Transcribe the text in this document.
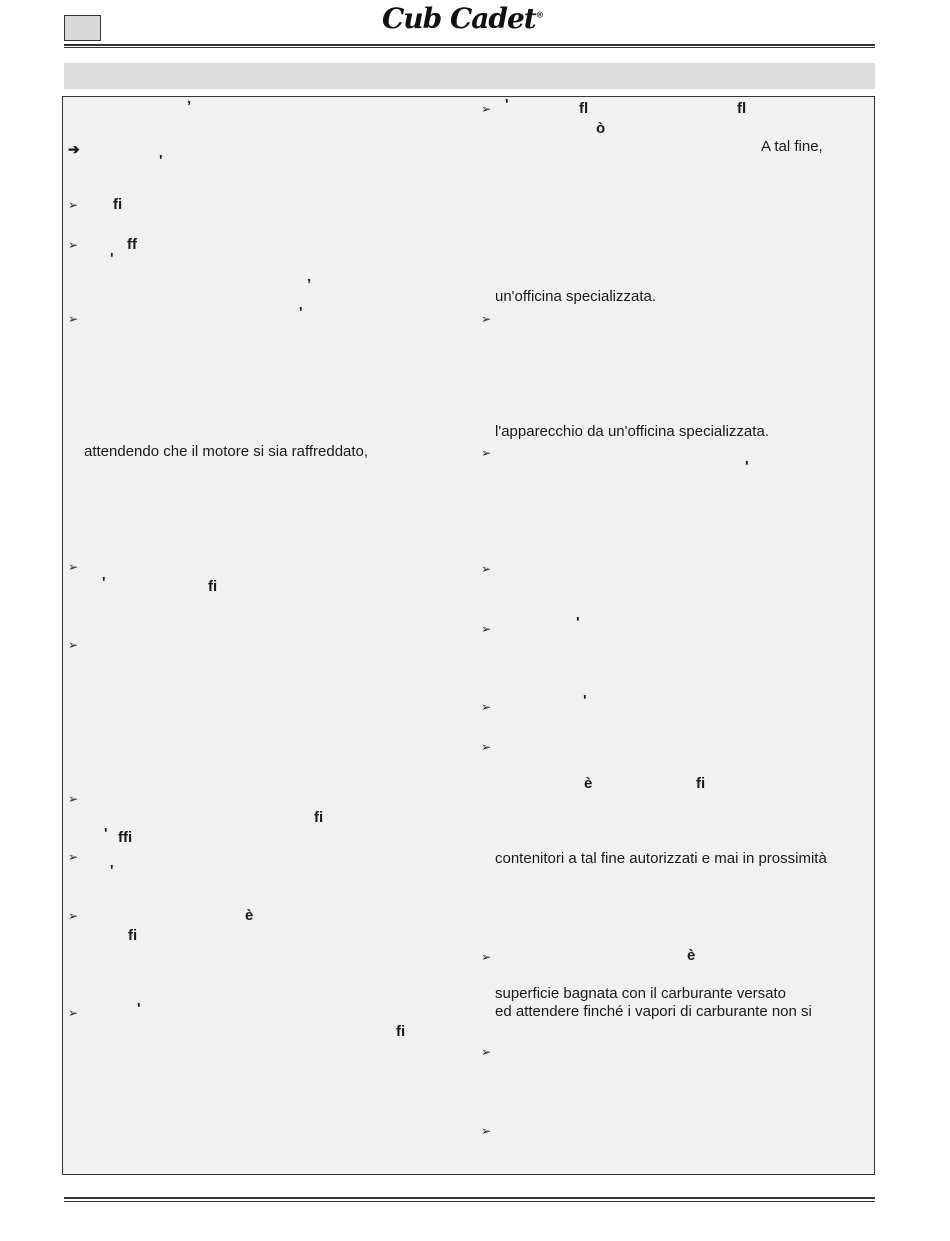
Cub Cadet®
’
➔
'
➢ fi
➢	ff
'
’
➢	'
attendendo che il motore si sia raffreddato,
➢
'	fi
➢
➢
fi
' ffi
➢
'
➢	è
fi
➢	'
fi
➢ '	fl	fl
ò
A tal fine,
un'officina specializzata.
➢
l'apparecchio da un'officina specializzata.
➢
'
➢
➢	'
➢	'
➢
è	fi
contenitori a tal fine autorizzati e mai in prossimità
➢	è
superficie bagnata con il carburante versato
ed attendere finché i vapori di carburante non si
➢
➢
